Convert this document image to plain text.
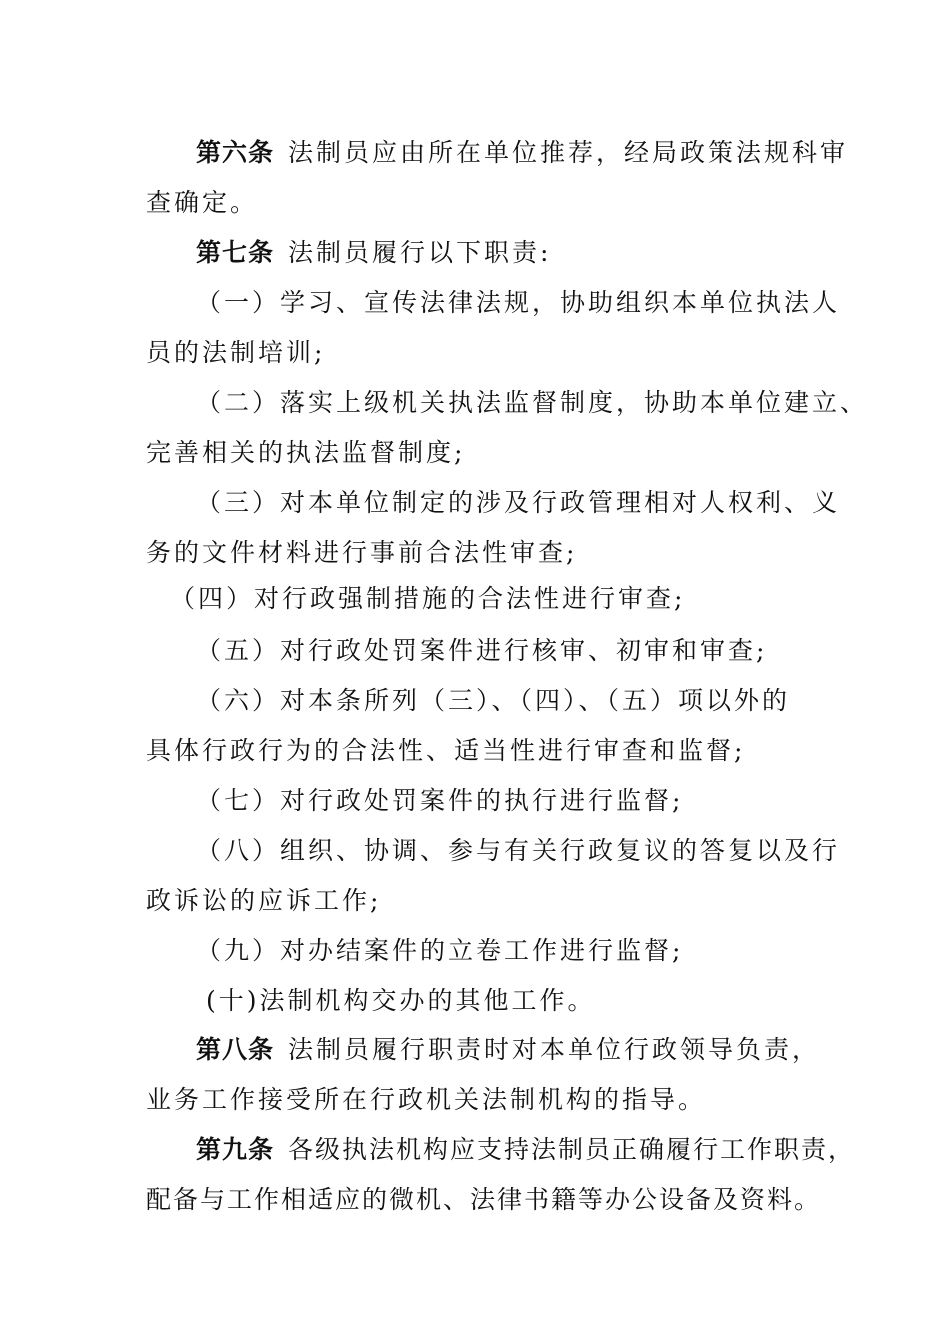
第六条 法制员应由所在单位推荐，经局政策法规科审
查确定。
第七条 法制员履行以下职责:
（一）学习、宣传法律法规，协助组织本单位执法人
员的法制培训;
（二）落实上级机关执法监督制度，协助本单位建立、
完善相关的执法监督制度;
（三）对本单位制定的涉及行政管理相对人权利、义
务的文件材料进行事前合法性审查;
（四）对行政强制措施的合法性进行审查;
（五）对行政处罚案件进行核审、初审和审查;
（六）对本条所列（三）、（四）、（五）项以外的
具体行政行为的合法性、适当性进行审查和监督;
（七）对行政处罚案件的执行进行监督;
（八）组织、协调、参与有关行政复议的答复以及行
政诉讼的应诉工作;
（九）对办结案件的立卷工作进行监督;
(十)法制机构交办的其他工作。
第八条 法制员履行职责时对本单位行政领导负责，
业务工作接受所在行政机关法制机构的指导。
第九条 各级执法机构应支持法制员正确履行工作职责，
配备与工作相适应的微机、法律书籍等办公设备及资料。
